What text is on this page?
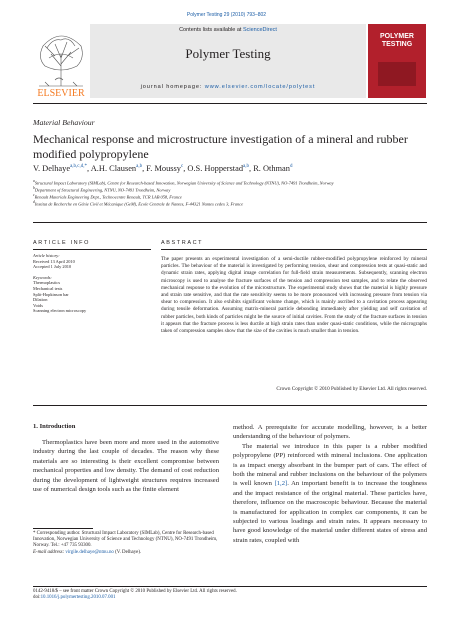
Polymer Testing 29 (2010) 793–802
ELSEVIER
Contents lists available at ScienceDirect
Polymer Testing
journal homepage: www.elsevier.com/locate/polytest
POLYMER TESTING
Material Behaviour
Mechanical response and microstructure investigation of a mineral and rubber modified polypropylene
V. Delhaye$^{a,b,c,d,*}$, A.H. Clausen$^{a,b}$, F. Moussy$^c$, O.S. Hopperstad$^{a,b}$, R. Othman$^d$
$^a$Structural Impact Laboratory (SIMLab), Centre for Research-based Innovation, Norwegian University of Science and Technology (NTNU), NO-7491 Trondheim, Norway
$^b$Department of Structural Engineering, NTNU, NO-7491 Trondheim, Norway
$^c$Renault Materials Engineering Dept., Technocentre Renault, TCR LAB 058, France
$^d$Institut de Recherche en Génie Civil et Mécanique (GeM), Ecole Centrale de Nantes, F-44321 Nantes cedex 3, France
ARTICLE INFO	ABSTRACT
Article history:
Received 13 April 2010
Accepted 1 July 2010
Keywords:
Thermoplastics
Mechanical tests
Split-Hopkinson bar
Dilation
Voids
Scanning electron microscopy
The paper presents an experimental investigation of a semi-ductile rubber-modified polypropylene reinforced by mineral particles. The behaviour of the material is investigated by performing tension, shear and compression tests at quasi-static and dynamic strain rates, applying digital image correlation for full-field strain measurements. Subsequently, scanning electron microscopy is used to analyse the fracture surfaces of the tension and compression test samples, and to relate the observed mechanical response to the evolution of the microstructure. The experimental study shows that the material is highly pressure and strain rate sensitive, and that the rate sensitivity seems to be more pronounced with increasing pressure from tension via shear to compression. It also exhibits significant volume change, which is mainly ascribed to a cavitation process appearing during tensile deformation. Assuming matrix-mineral particle debonding immediately after yielding and self cavitation of rubber particles, both kinds of particles might be the source of initial cavities. From the study of the fracture surfaces in tension it appears that the fracture process is less ductile at high strain rates than under quasi-static conditions, while the micrographs taken of compression samples show that the size of the cavities is much smaller than in tension.
Crown Copyright © 2010 Published by Elsevier Ltd. All rights reserved.
1. Introduction
Thermoplastics have been more and more used in the automotive industry during the last couple of decades. The reason why these materials are so interesting is their excellent compromise between mechanical properties and low density. The demand of cost reduction during the development of lightweight structures requires increased use of numerical design tools such as the finite element

method. A prerequisite for accurate modelling, however, is a better understanding of the behaviour of polymers.

The material we introduce in this paper is a rubber modified polypropylene (PP) reinforced with mineral inclusions. One application is as impact energy absorbant in the bumper part of cars. The effect of both the mineral and rubber inclusions on the behaviour of the polymers is well known [1,2]. An important benefit is to increase the toughness and the impact resistance of the original material. These particles have, therefore, influence on the macroscopic behaviour. Because the material is manufactured for application in complex car components, it can be subjected to various loadings and strain rates. It appears necessary to have good knowledge of the material under different states of stress and strain rates, coupled with

* Corresponding author. Structural Impact Laboratory (SIMLab), Centre for Research-based Innovation, Norwegian University of Science and Technology (NTNU), NO-7491 Trondheim, Norway. Tel.: +47 735 93300.
E-mail address: virgile.delhaye@ntnu.no (V. Delhaye).
0142-9418/$ – see front matter Crown Copyright © 2010 Published by Elsevier Ltd. All rights reserved.
doi:10.1016/j.polymertesting.2010.07.001
